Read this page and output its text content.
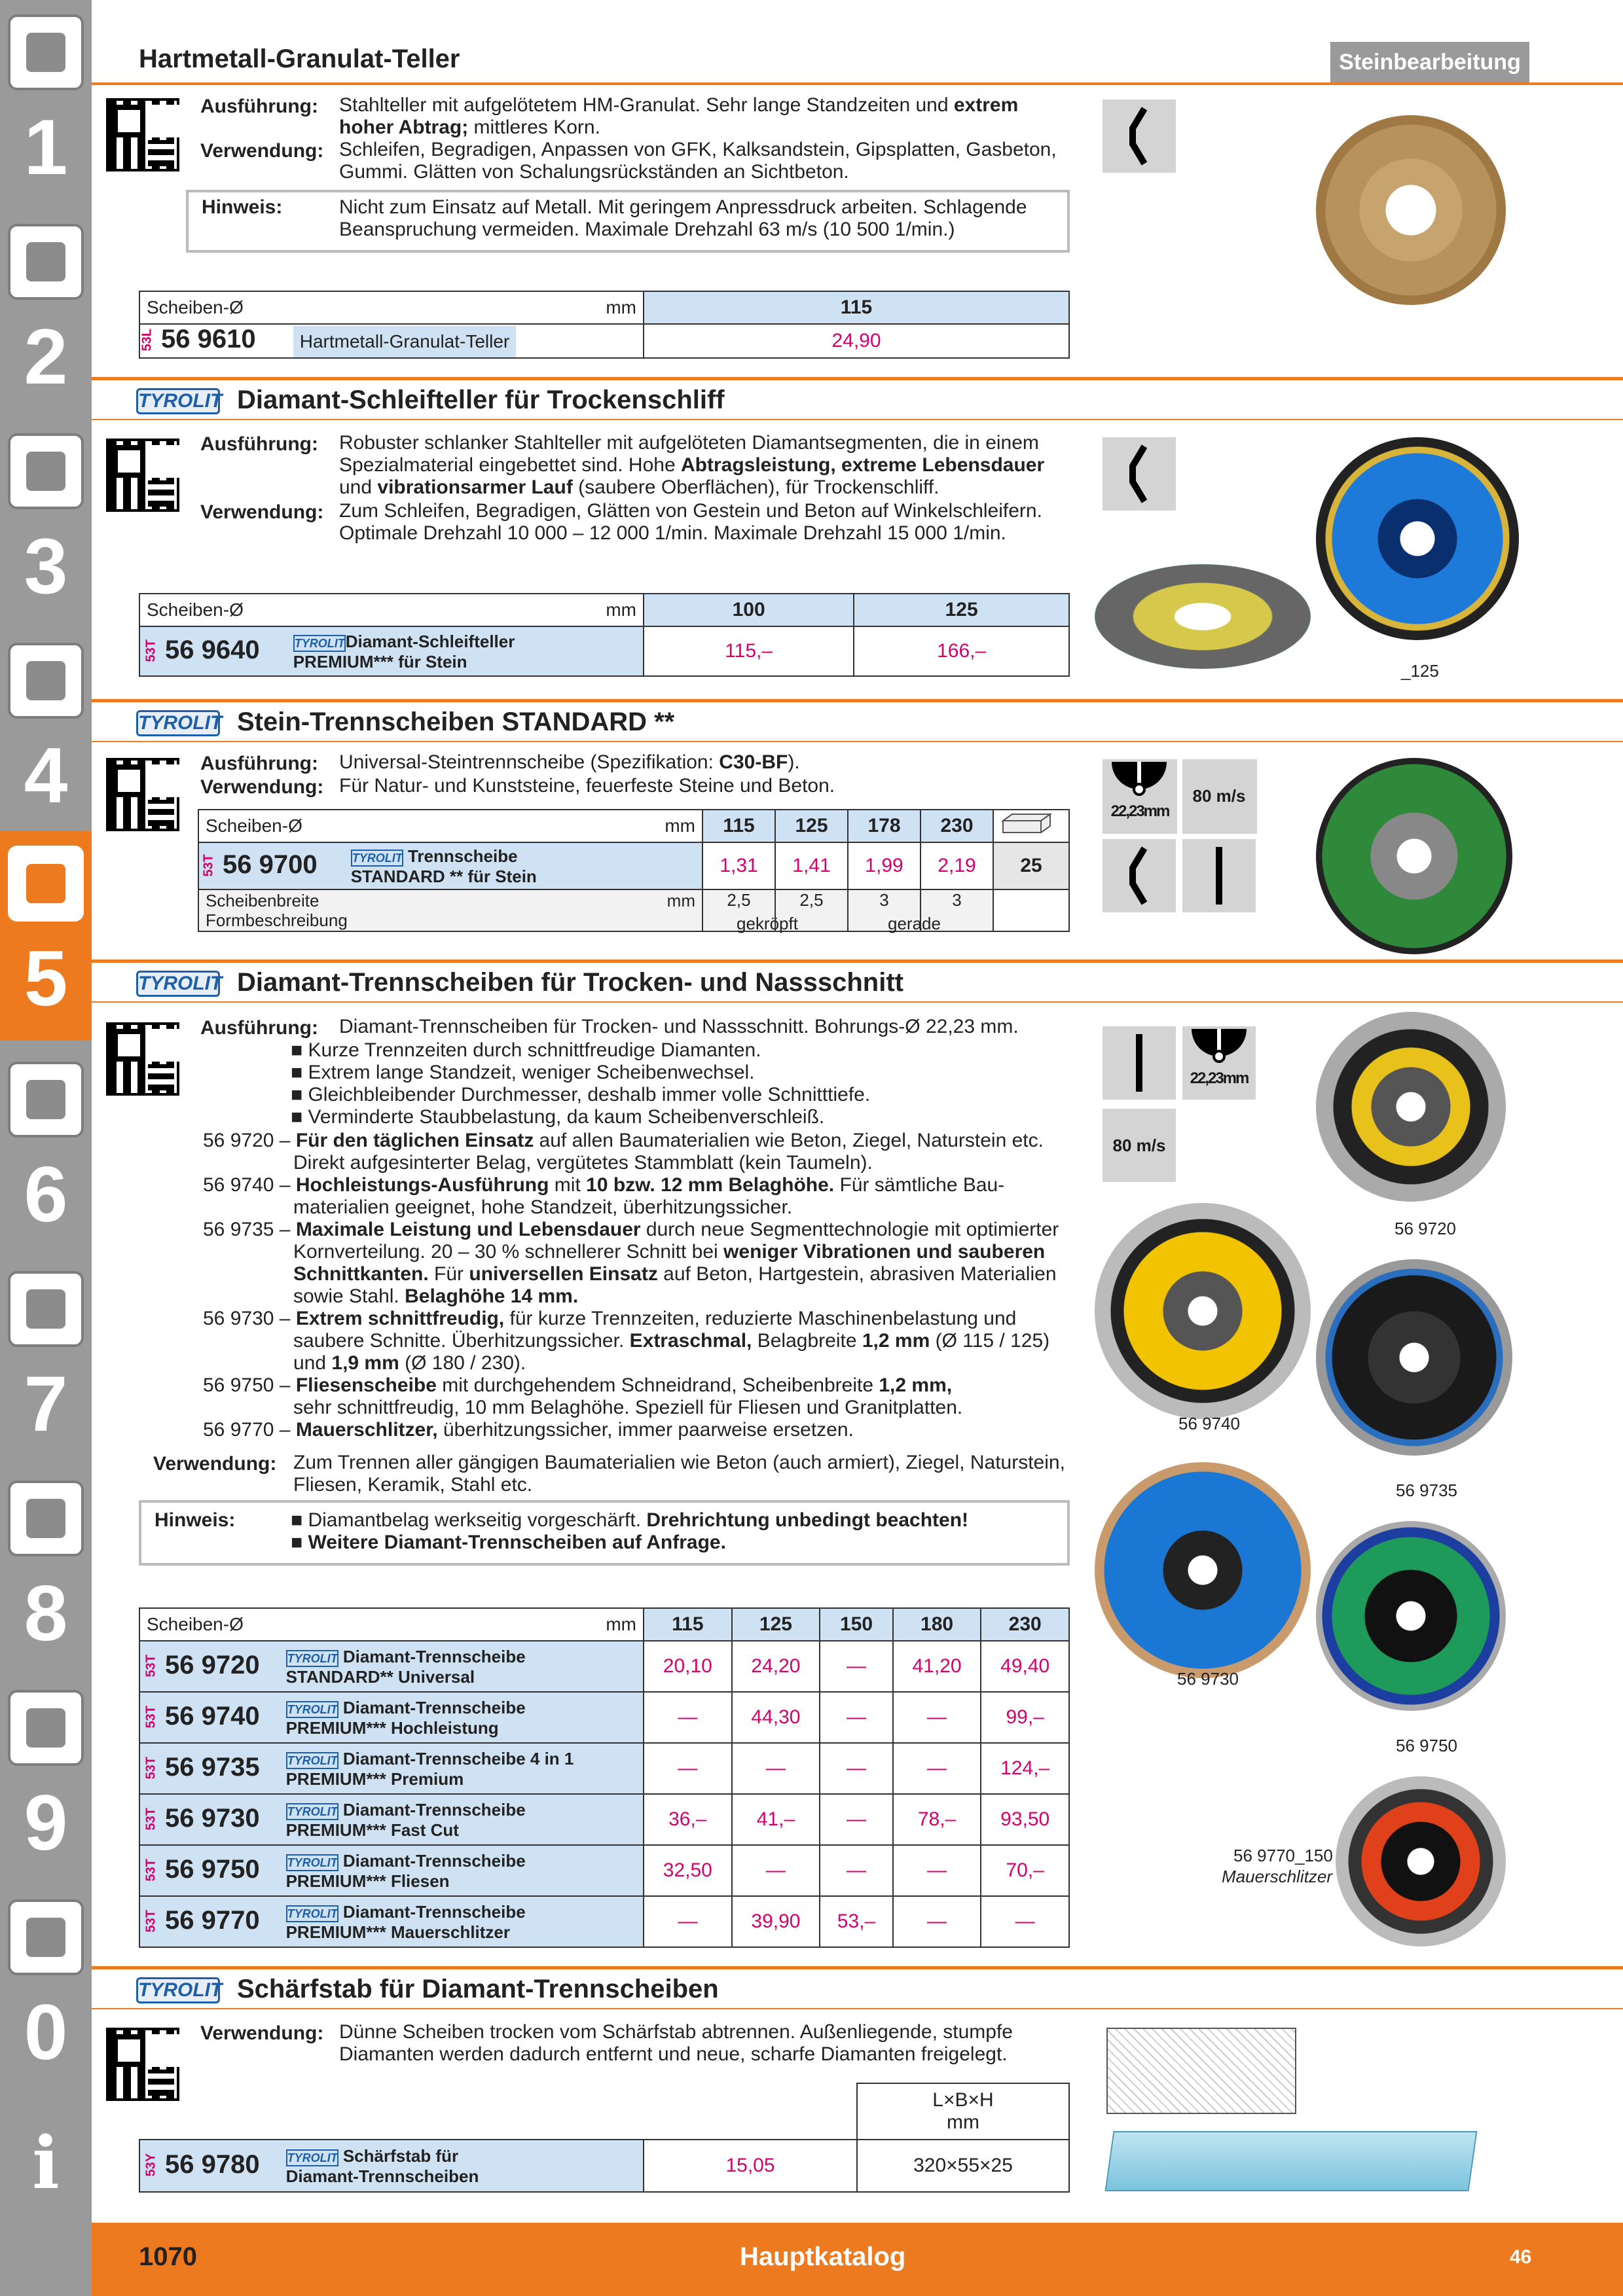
1
2
3
4
5
6
7
8
9
0
i
Hartmetall-Granulat-Teller	Steinbearbeitung
Ausführung: Stahlteller mit aufgelötetem HM-Granulat. Sehr lange Standzeiten und extrem
hoher Abtrag; mittleres Korn.
Verwendung: Schleifen, Begradigen, Anpassen von GFK, Kalksandstein, Gipsplatten, Gasbeton,
Gummi. Glätten von Schalungsrückständen an Sichtbeton.
Hinweis:	Nicht zum Einsatz auf Metall. Mit geringem Anpressdruck arbeiten. Schlagende
Beanspruchung vermeiden. Maximale Drehzahl 63 m/s (10 500 1/min.)
Scheiben-Ø mm	115
53L 56 9610 Hartmetall-Granulat-Teller	24,90
TYROLIT Diamant-Schleifteller für Trockenschliff
Ausführung: Robuster schlanker Stahlteller mit aufgelöteten Diamantsegmenten, die in einem
Spezialmaterial eingebettet sind. Hohe Abtragsleistung, extreme Lebensdauer
und vibrationsarmer Lauf (saubere Oberflächen), für Trockenschliff.
Verwendung: Zum Schleifen, Begradigen, Glätten von Gestein und Beton auf Winkelschleifern.
Optimale Drehzahl 10 000 – 12 000 1/min. Maximale Drehzahl 15 000 1/min.
Scheiben-Ø mm	100	125
53T 56 9640 TYROLITDiamant-Schleifteller
PREMIUM*** für Stein	115,–	166,–
_125
TYROLIT Stein-Trennscheiben STANDARD **
Ausführung: Universal-Steintrennscheibe (Spezifikation: C30-BF).
Verwendung: Für Natur- und Kunststeine, feuerfeste Steine und Beton.
Scheiben-Ø mm	115	125	178	230	
53T 56 9700 TYROLIT Trennscheibe
STANDARD ** für Stein	1,31	1,41	1,99	2,19	25
Scheibenbreite mm

Formbeschreibung	2,5	2,5	3	3	
gekröpft	gerade
22,23mm
80 m/s
TYROLIT Diamant-Trennscheiben für Trocken- und Nassschnitt
Ausführung: Diamant-Trennscheiben für Trocken- und Nassschnitt. Bohrungs-Ø 22,23 mm.
■ Kurze Trennzeiten durch schnittfreudige Diamanten.
■ Extrem lange Standzeit, weniger Scheibenwechsel.
■ Gleichbleibender Durchmesser, deshalb immer volle Schnitttiefe.
■ Verminderte Staubbelastung, da kaum Scheibenverschleiß.
56 9720 – Für den täglichen Einsatz auf allen Baumaterialien wie Beton, Ziegel, Naturstein etc.
Direkt aufgesinterter Belag, vergütetes Stammblatt (kein Taumeln).
56 9740 – Hochleistungs-Ausführung mit 10 bzw. 12 mm Belaghöhe. Für sämtliche Bau-
materialien geeignet, hohe Standzeit, überhitzungssicher.
56 9735 – Maximale Leistung und Lebensdauer durch neue Segmenttechnologie mit optimierter
Kornverteilung. 20 – 30 % schnellerer Schnitt bei weniger Vibrationen und sauberen
Schnittkanten. Für universellen Einsatz auf Beton, Hartgestein, abrasiven Materialien
sowie Stahl. Belaghöhe 14 mm.
56 9730 – Extrem schnittfreudig, für kurze Trennzeiten, reduzierte Maschinenbelastung und
saubere Schnitte. Überhitzungssicher. Extraschmal, Belagbreite 1,2 mm (Ø 115 / 125)
und 1,9 mm (Ø 180 / 230).
56 9750 – Fliesenscheibe mit durchgehendem Schneidrand, Scheibenbreite 1,2 mm,
sehr schnittfreudig, 10 mm Belaghöhe. Speziell für Fliesen und Granitplatten.
56 9770 – Mauerschlitzer, überhitzungssicher, immer paarweise ersetzen.
Verwendung: Zum Trennen aller gängigen Baumaterialien wie Beton (auch armiert), Ziegel, Naturstein,
Fliesen, Keramik, Stahl etc.
Hinweis:	■ Diamantbelag werkseitig vorgeschärft. Drehrichtung unbedingt beachten!
■ Weitere Diamant-Trennscheiben auf Anfrage.
Scheiben-Ø mm	115	125	150	180	230
53T 56 9720 TYROLIT Diamant-Trennscheibe
STANDARD** Universal	20,10	24,20	—	41,20	49,40
53T 56 9740 TYROLIT Diamant-Trennscheibe
PREMIUM*** Hochleistung	—	44,30	—	—	99,–
53T 56 9735 TYROLIT Diamant-Trennscheibe 4 in 1
PREMIUM*** Premium	—	—	—	—	124,–
53T 56 9730 TYROLIT Diamant-Trennscheibe
PREMIUM*** Fast Cut	36,–	41,–	—	78,–	93,50
53T 56 9750 TYROLIT Diamant-Trennscheibe
PREMIUM*** Fliesen	32,50	—	—	—	70,–
53T 56 9770 TYROLIT Diamant-Trennscheibe
PREMIUM*** Mauerschlitzer	—	39,90	53,–	—	—
22,23mm
80 m/s
56 9720
56 9740
56 9735
56 9730
56 9750
56 9770_150
Mauerschlitzer
TYROLIT Schärfstab für Diamant-Trennscheiben
Verwendung: Dünne Scheiben trocken vom Schärfstab abtrennen. Außenliegende, stumpfe
Diamanten werden dadurch entfernt und neue, scharfe Diamanten freigelegt.
		L×B×H
mm
53Y 56 9780 TYROLIT Schärfstab für
Diamant-Trennscheiben	15,05	320×55×25
1070	Hauptkatalog	46
